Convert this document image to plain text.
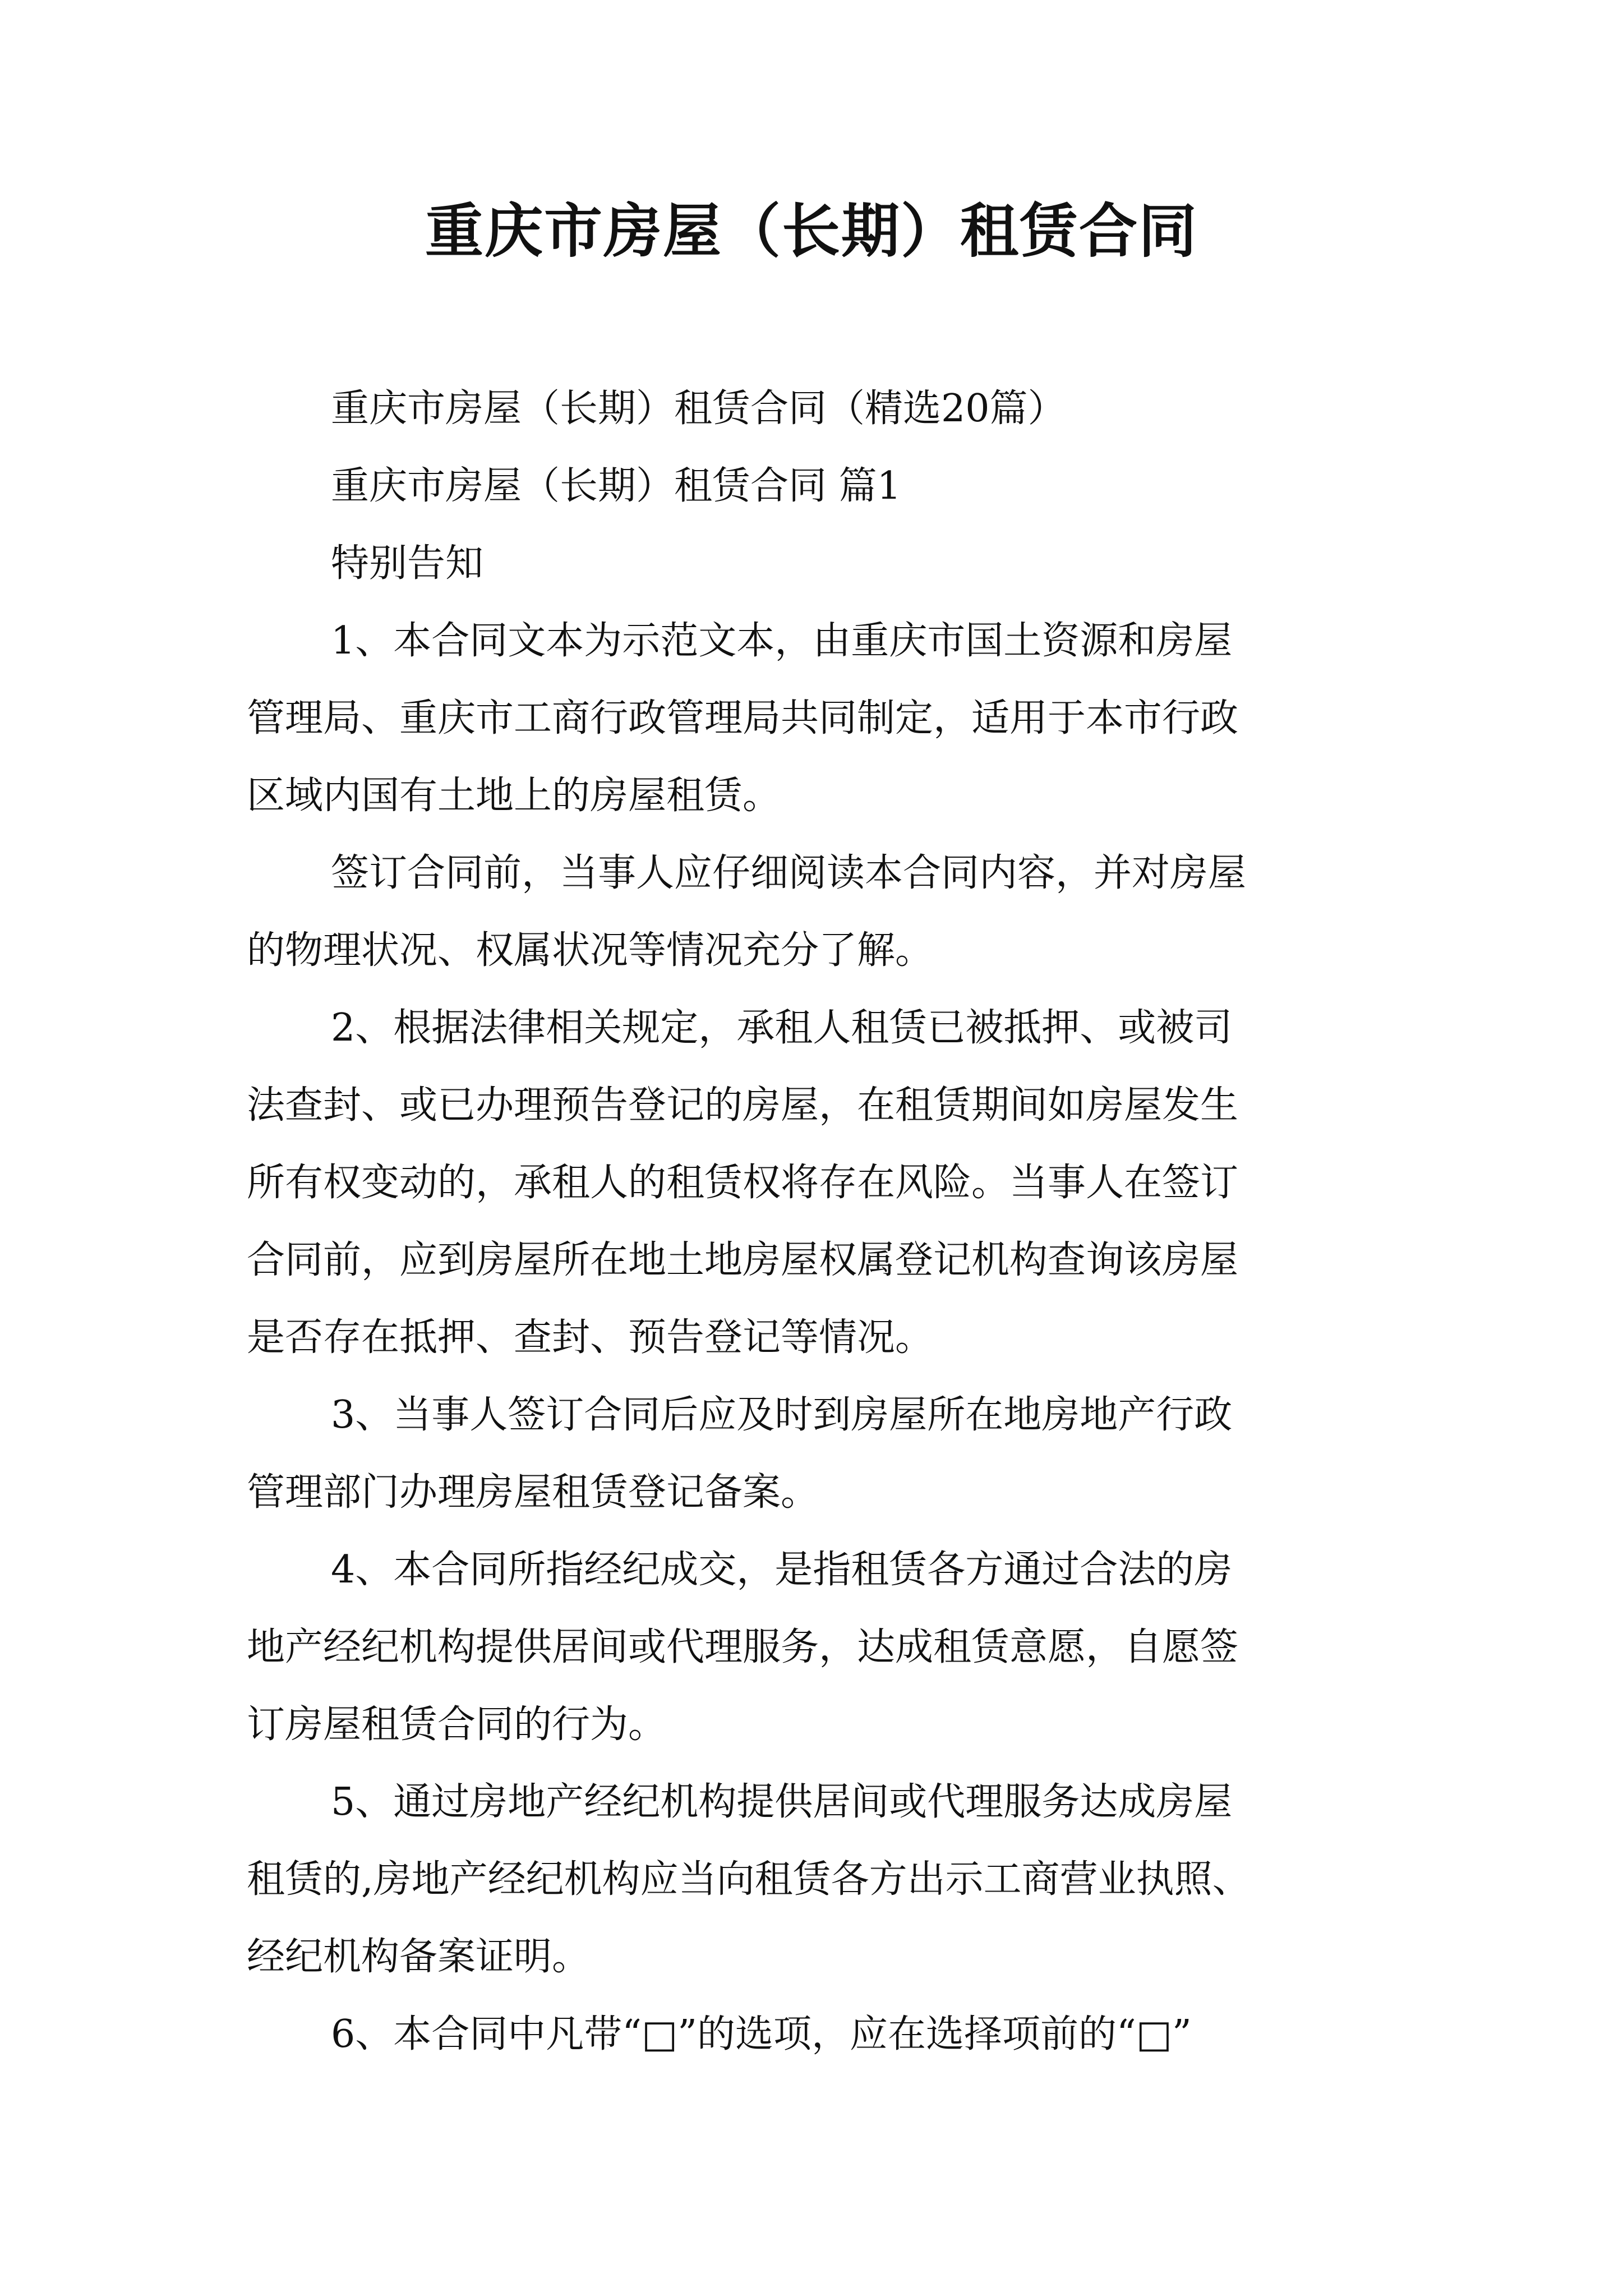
重庆市房屋（长期）租赁合同

重庆市房屋（长期）租赁合同（精选20篇）

重庆市房屋（长期）租赁合同 篇1

特别告知

1、本合同文本为示范文本，由重庆市国土资源和房屋

管理局、重庆市工商行政管理局共同制定，适用于本市行政

区域内国有土地上的房屋租赁。

签订合同前，当事人应仔细阅读本合同内容，并对房屋

的物理状况、权属状况等情况充分了解。

2、根据法律相关规定，承租人租赁已被抵押、或被司

法查封、或已办理预告登记的房屋，在租赁期间如房屋发生

所有权变动的，承租人的租赁权将存在风险。当事人在签订

合同前，应到房屋所在地土地房屋权属登记机构查询该房屋

是否存在抵押、查封、预告登记等情况。

3、当事人签订合同后应及时到房屋所在地房地产行政

管理部门办理房屋租赁登记备案。

4、本合同所指经纪成交，是指租赁各方通过合法的房

地产经纪机构提供居间或代理服务，达成租赁意愿，自愿签

订房屋租赁合同的行为。

5、通过房地产经纪机构提供居间或代理服务达成房屋

租赁的,房地产经纪机构应当向租赁各方出示工商营业执照、

经纪机构备案证明。

6、本合同中凡带“□”的选项，应在选择项前的“□”
